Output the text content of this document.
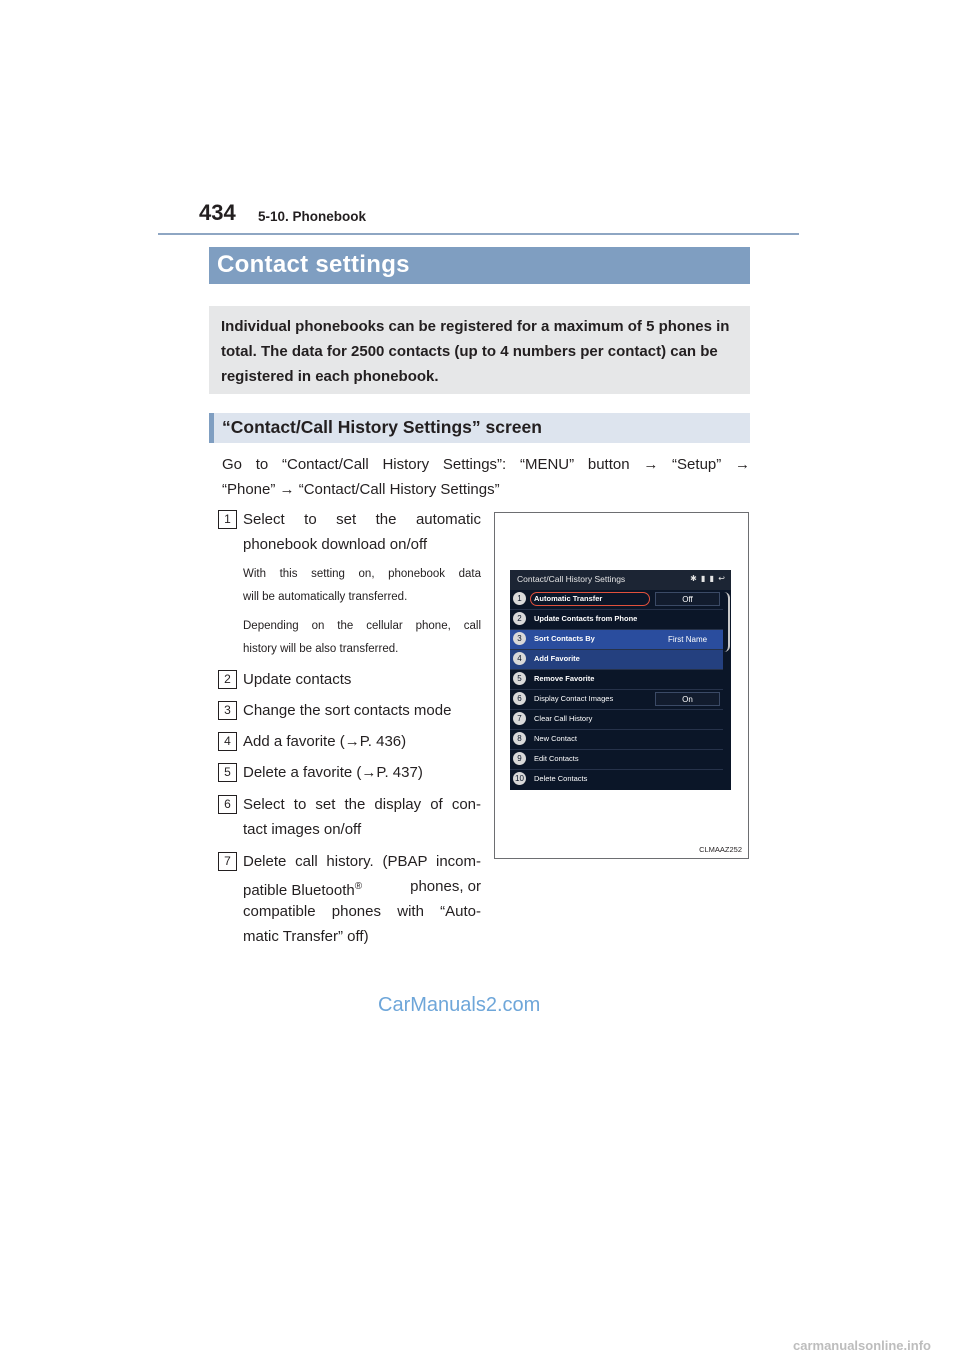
434 5-10. Phonebook
Contact settings

Individual phonebooks can be registered for a maximum of 5 phones in total. The data for 2500 contacts (up to 4 numbers per contact) can be registered in each phonebook.

“Contact/Call History Settings” screen
Go to “Contact/Call History Settings”: “MENU” button → “Setup” →
“Phone” → “Contact/Call History Settings”
1 Select to set the automatic
phonebook download on/off
With this setting on, phonebook data
will be automatically transferred.
Depending on the cellular phone, call
history will be also transferred.
2 Update contacts
3 Change the sort contacts mode
4 Add a favorite (→P. 436)
5 Delete a favorite (→P. 437)
6 Select to set the display of con-
tact images on/off
7 Delete call history. (PBAP incom-
patible Bluetooth®	phones, or
compatible phones with “Auto-
matic Transfer” off)
Contact/Call History Settings	✱ ▮ ▮ ↩
1	Automatic Transfer	Off
2	Update Contacts from Phone
3	Sort Contacts By	First Name
4	Add Favorite
5	Remove Favorite
6	Display Contact Images	On
7	Clear Call History
8	New Contact
9	Edit Contacts
10 Delete Contacts
CLMAAZ252
CarManuals2.com
carmanualsonline.info
